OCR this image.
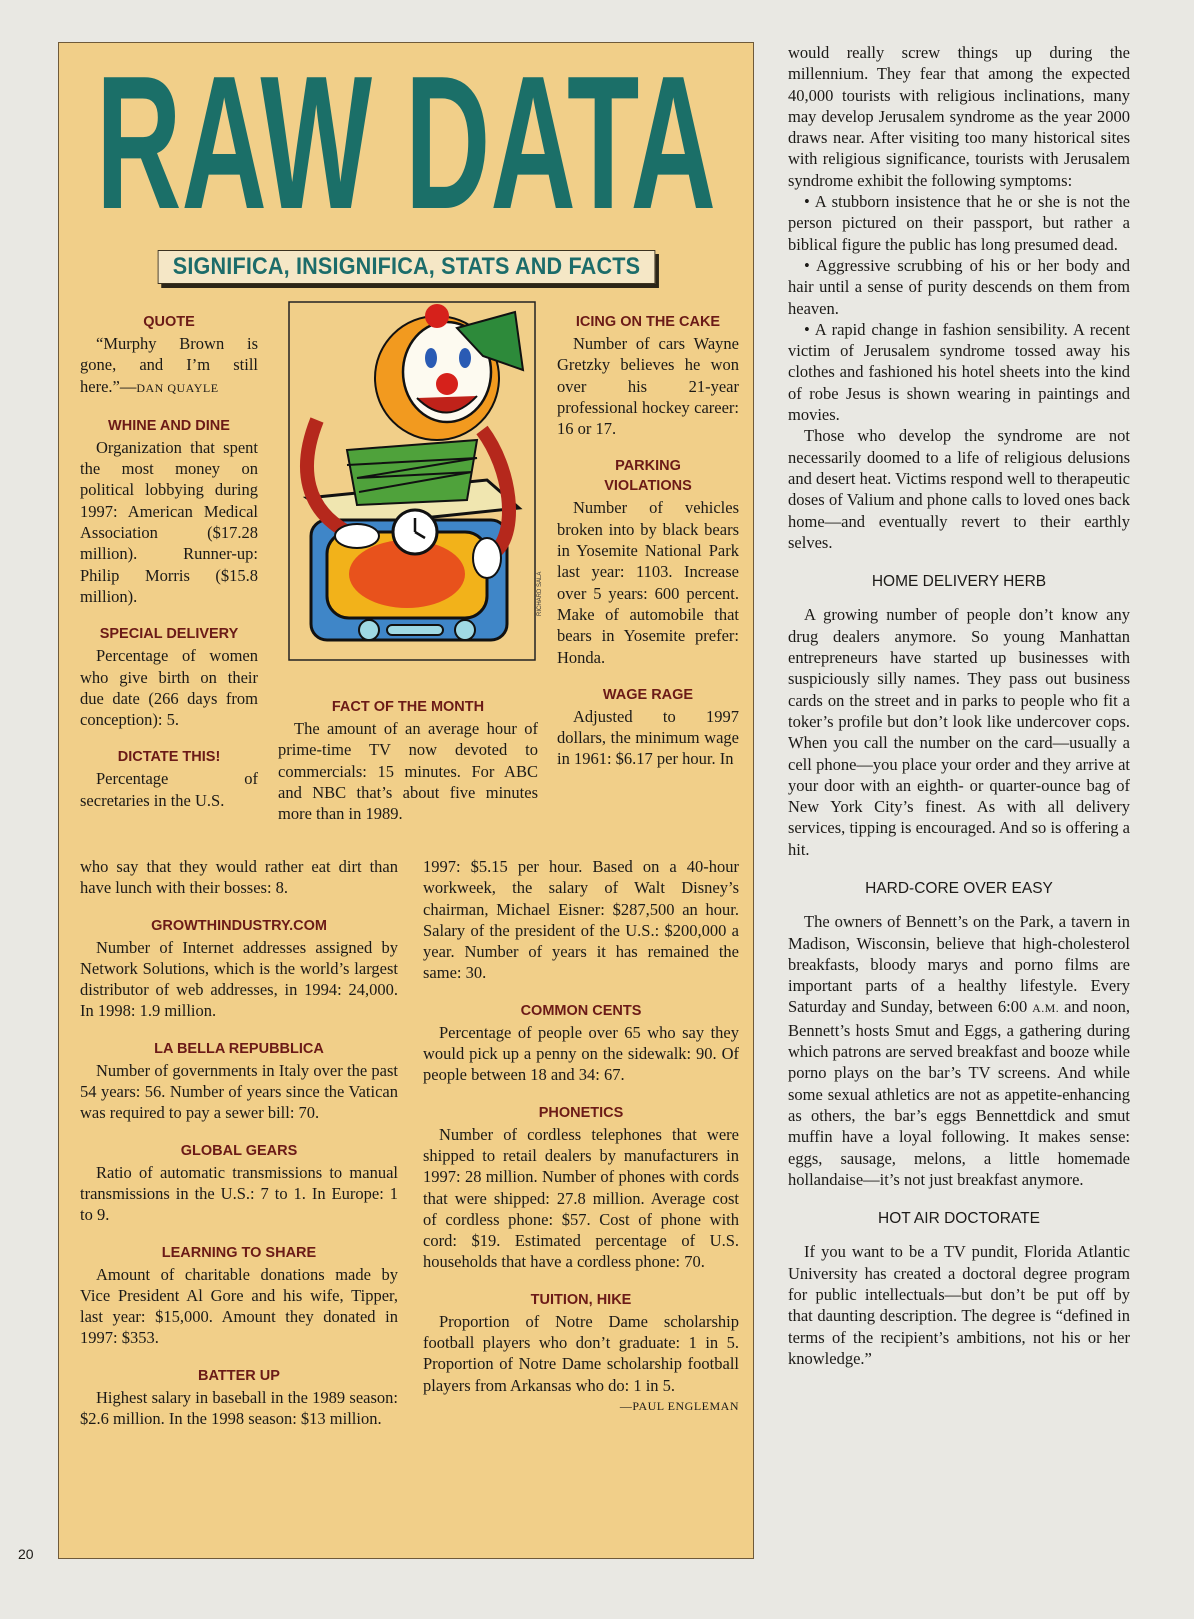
RAW DATA
SIGNIFICA, INSIGNIFICA, STATS AND FACTS
QUOTE
“Murphy Brown is gone, and I’m still here.”—DAN QUAYLE
WHINE AND DINE
Organization that spent the most money on political lobbying during 1997: American Medical Association ($17.28 million). Runner-up: Philip Morris ($15.8 million).
SPECIAL DELIVERY
Percentage of women who give birth on their due date (266 days from conception): 5.
DICTATE THIS!
Percentage of secretaries in the U.S.
RICHARD SALA
FACT OF THE MONTH
The amount of an average hour of prime-time TV now devoted to commercials: 15 minutes. For ABC and NBC that’s about five minutes more than in 1989.
ICING ON THE CAKE
Number of cars Wayne Gretzky believes he won over his 21-year professional hockey career: 16 or 17.
PARKING VIOLATIONS
Number of vehicles broken into by black bears in Yosemite National Park last year: 1103. Increase over 5 years: 600 percent. Make of automobile that bears in Yosemite prefer: Honda.
WAGE RAGE
Adjusted to 1997 dollars, the minimum wage in 1961: $6.17 per hour. In
who say that they would rather eat dirt than have lunch with their bosses: 8.
GROWTHINDUSTRY.COM
Number of Internet addresses assigned by Network Solutions, which is the world’s largest distributor of web addresses, in 1994: 24,000. In 1998: 1.9 million.
LA BELLA REPUBBLICA
Number of governments in Italy over the past 54 years: 56. Number of years since the Vatican was required to pay a sewer bill: 70.
GLOBAL GEARS
Ratio of automatic transmissions to manual transmissions in the U.S.: 7 to 1. In Europe: 1 to 9.
LEARNING TO SHARE
Amount of charitable donations made by Vice President Al Gore and his wife, Tipper, last year: $15,000. Amount they donated in 1997: $353.
BATTER UP
Highest salary in baseball in the 1989 season: $2.6 million. In the 1998 season: $13 million.
1997: $5.15 per hour. Based on a 40-hour workweek, the salary of Walt Disney’s chairman, Michael Eisner: $287,500 an hour. Salary of the president of the U.S.: $200,000 a year. Number of years it has remained the same: 30.
COMMON CENTS
Percentage of people over 65 who say they would pick up a penny on the sidewalk: 90. Of people between 18 and 34: 67.
PHONETICS
Number of cordless telephones that were shipped to retail dealers by manufacturers in 1997: 28 million. Number of phones with cords that were shipped: 27.8 million. Average cost of cordless phone: $57. Cost of phone with cord: $19. Estimated percentage of U.S. households that have a cordless phone: 70.
TUITION, HIKE
Proportion of Notre Dame scholarship football players who don’t graduate: 1 in 5. Proportion of Notre Dame scholarship football players from Arkansas who do: 1 in 5.
—PAUL ENGLEMAN
would really screw things up during the millennium. They fear that among the expected 40,000 tourists with religious inclinations, many may develop Jerusalem syndrome as the year 2000 draws near. After visiting too many historical sites with religious significance, tourists with Jerusalem syndrome exhibit the following symptoms:
• A stubborn insistence that he or she is not the person pictured on their passport, but rather a biblical figure the public has long presumed dead.
• Aggressive scrubbing of his or her body and hair until a sense of purity descends on them from heaven.
• A rapid change in fashion sensibility. A recent victim of Jerusalem syndrome tossed away his clothes and fashioned his hotel sheets into the kind of robe Jesus is shown wearing in paintings and movies.
Those who develop the syndrome are not necessarily doomed to a life of religious delusions and desert heat. Victims respond well to therapeutic doses of Valium and phone calls to loved ones back home—and eventually revert to their earthly selves.
HOME DELIVERY HERB
A growing number of people don’t know any drug dealers anymore. So young Manhattan entrepreneurs have started up businesses with suspiciously silly names. They pass out business cards on the street and in parks to people who fit a toker’s profile but don’t look like undercover cops. When you call the number on the card—usually a cell phone—you place your order and they arrive at your door with an eighth- or quarter-ounce bag of New York City’s finest. As with all delivery services, tipping is encouraged. And so is offering a hit.
HARD-CORE OVER EASY
The owners of Bennett’s on the Park, a tavern in Madison, Wisconsin, believe that high-cholesterol breakfasts, bloody marys and porno films are important parts of a healthy lifestyle. Every Saturday and Sunday, between 6:00 A.M. and noon, Bennett’s hosts Smut and Eggs, a gathering during which patrons are served breakfast and booze while porno plays on the bar’s TV screens. And while some sexual athletics are not as appetite-enhancing as others, the bar’s eggs Bennettdick and smut muffin have a loyal following. It makes sense: eggs, sausage, melons, a little homemade hollandaise—it’s not just breakfast anymore.
HOT AIR DOCTORATE
If you want to be a TV pundit, Florida Atlantic University has created a doctoral degree program for public intellectuals—but don’t be put off by that daunting description. The degree is “defined in terms of the recipient’s ambitions, not his or her knowledge.”
20
